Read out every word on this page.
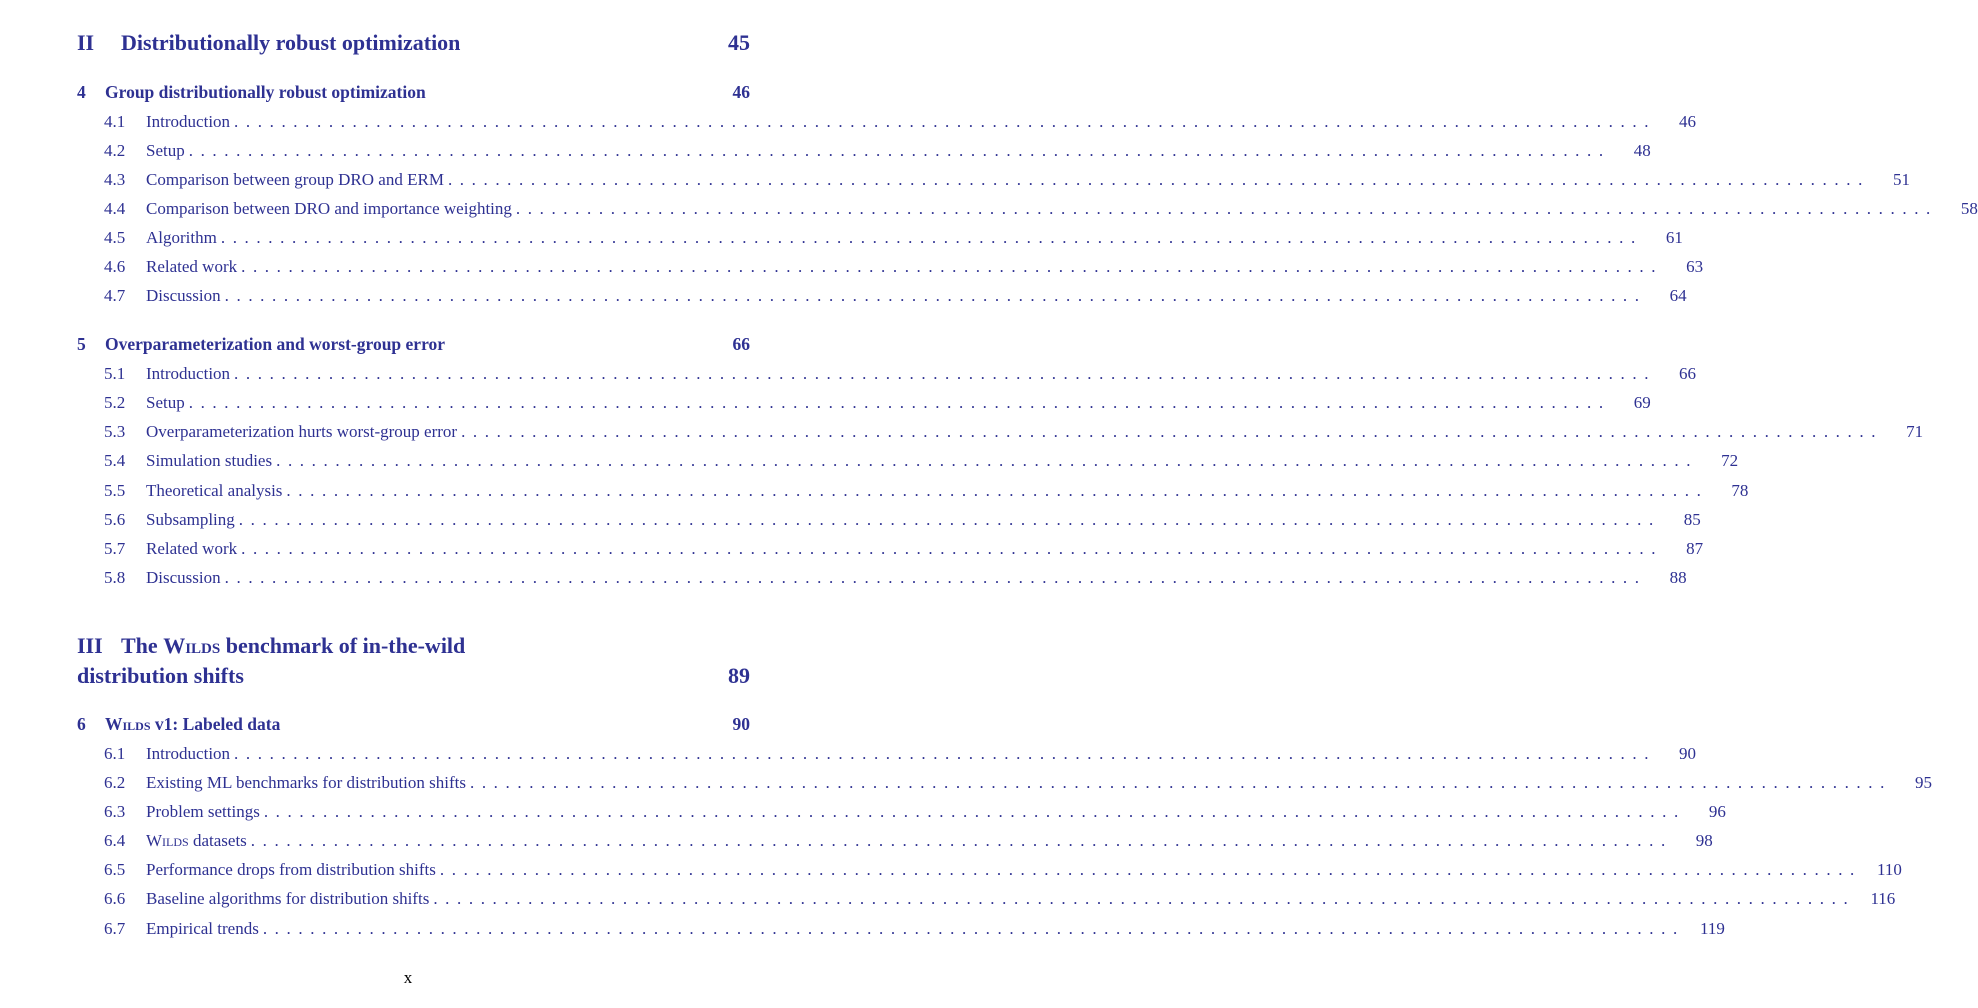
II Distributionally robust optimization	45
4 Group distributionally robust optimization	46
4.1	Introduction ........................................................................................................................	46
4.2	Setup ........................................................................................................................	48
4.3	Comparison between group DRO and ERM ........................................................................................................................	51
4.4	Comparison between DRO and importance weighting ........................................................................................................................	58
4.5	Algorithm ........................................................................................................................	61
4.6	Related work ........................................................................................................................	63
4.7	Discussion ........................................................................................................................	64
5 Overparameterization and worst-group error	66
5.1	Introduction ........................................................................................................................	66
5.2	Setup ........................................................................................................................	69
5.3	Overparameterization hurts worst-group error ........................................................................................................................	71
5.4	Simulation studies ........................................................................................................................	72
5.5	Theoretical analysis ........................................................................................................................	78
5.6	Subsampling ........................................................................................................................	85
5.7	Related work ........................................................................................................................	87
5.8	Discussion ........................................................................................................................	88
III The Wilds benchmark of in-the-wild
distribution shifts	89
6 Wilds v1: Labeled data	90
6.1	Introduction ........................................................................................................................	90
6.2	Existing ML benchmarks for distribution shifts ........................................................................................................................	95
6.3	Problem settings ........................................................................................................................	96
6.4	Wilds datasets ........................................................................................................................	98
6.5	Performance drops from distribution shifts ........................................................................................................................ 110
6.6	Baseline algorithms for distribution shifts ........................................................................................................................ 116
6.7	Empirical trends ........................................................................................................................ 119
x
